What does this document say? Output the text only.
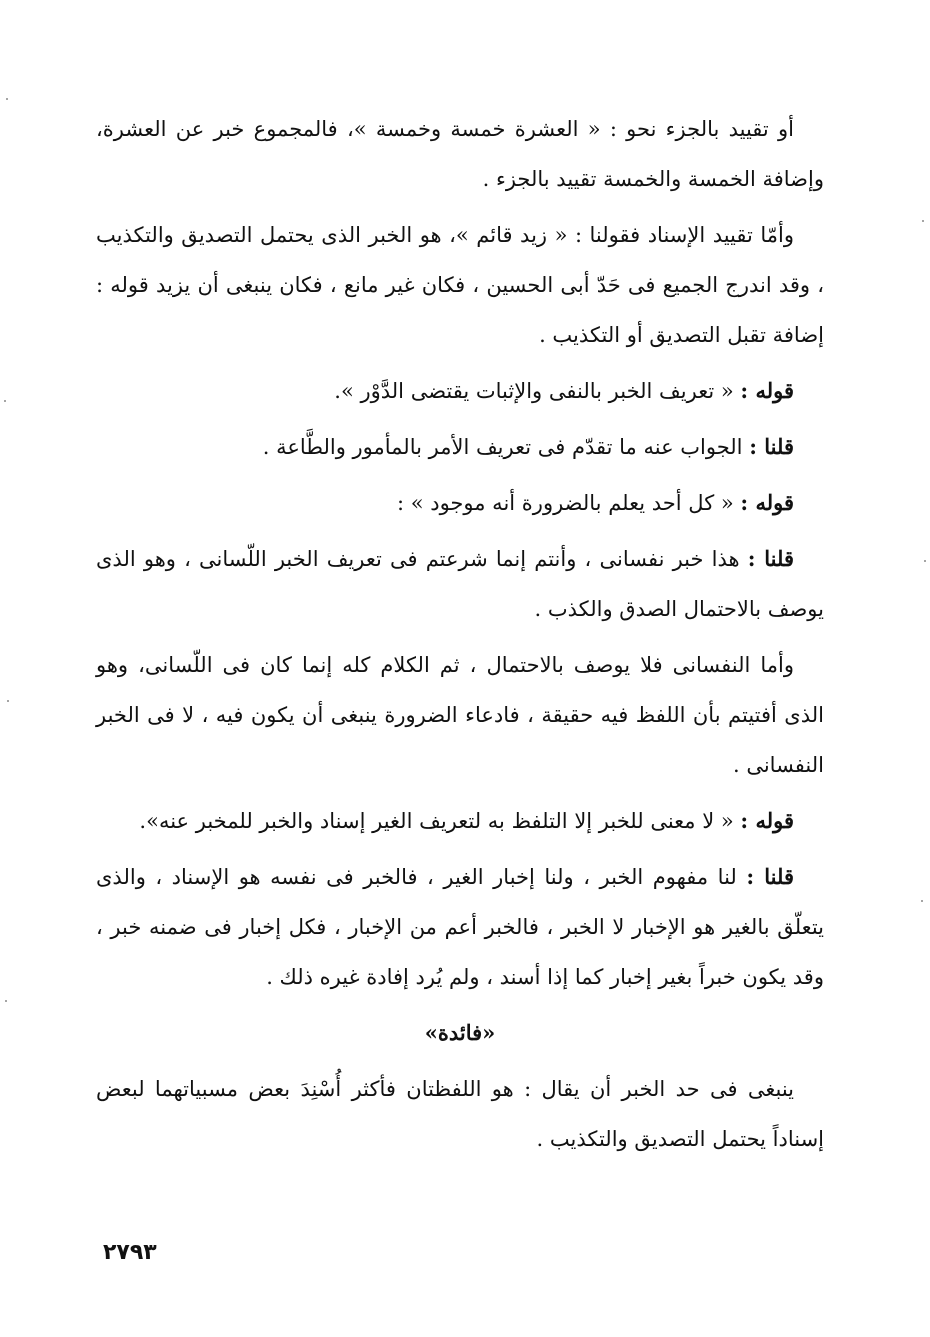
أو تقييد بالجزء نحو : « العشرة خمسة وخمسة »، فالمجموع خبر عن العشرة، وإضافة الخمسة والخمسة تقييد بالجزء .

وأمّا تقييد الإسناد فقولنا : « زيد قائم »، هو الخبر الذى يحتمل التصديق والتكذيب ، وقد اندرج الجميع فى حَدّ أبى الحسين ، فكان غير مانع ، فكان ينبغى أن يزيد قوله : إضافة تقبل التصديق أو التكذيب .

قوله : « تعريف الخبر بالنفى والإثبات يقتضى الدَّوْر ».

قلنا : الجواب عنه ما تقدّم فى تعريف الأمر بالمأمور والطَّاعة .

قوله : « كل أحد يعلم بالضرورة أنه موجود » :

قلنا : هذا خبر نفسانى ، وأنتم إنما شرعتم فى تعريف الخبر اللّسانى ، وهو الذى يوصف بالاحتمال الصدق والكذب .

وأما النفسانى فلا يوصف بالاحتمال ، ثم الكلام كله إنما كان فى اللّسانى، وهو الذى أفتيتم بأن اللفظ فيه حقيقة ، فادعاء الضرورة ينبغى أن يكون فيه ، لا فى الخبر النفسانى .

قوله : « لا معنى للخبر إلا التلفظ به لتعريف الغير إسناد والخبر للمخبر عنه».

قلنا : لنا مفهوم الخبر ، ولنا إخبار الغير ، فالخبر فى نفسه هو الإسناد ، والذى يتعلّق بالغير هو الإخبار لا الخبر ، فالخبر أعم من الإخبار ، فكل إخبار فى ضمنه خبر ، وقد يكون خبراً بغير إخبار كما إذا أسند ، ولم يُرد إفادة غيره ذلك .

«فائدة»

ينبغى فى حد الخبر أن يقال : هو اللفظتان فأكثر أُسْنِدَ بعض مسبياتهما لبعض إسناداً يحتمل التصديق والتكذيب .

٢٧٩٣
